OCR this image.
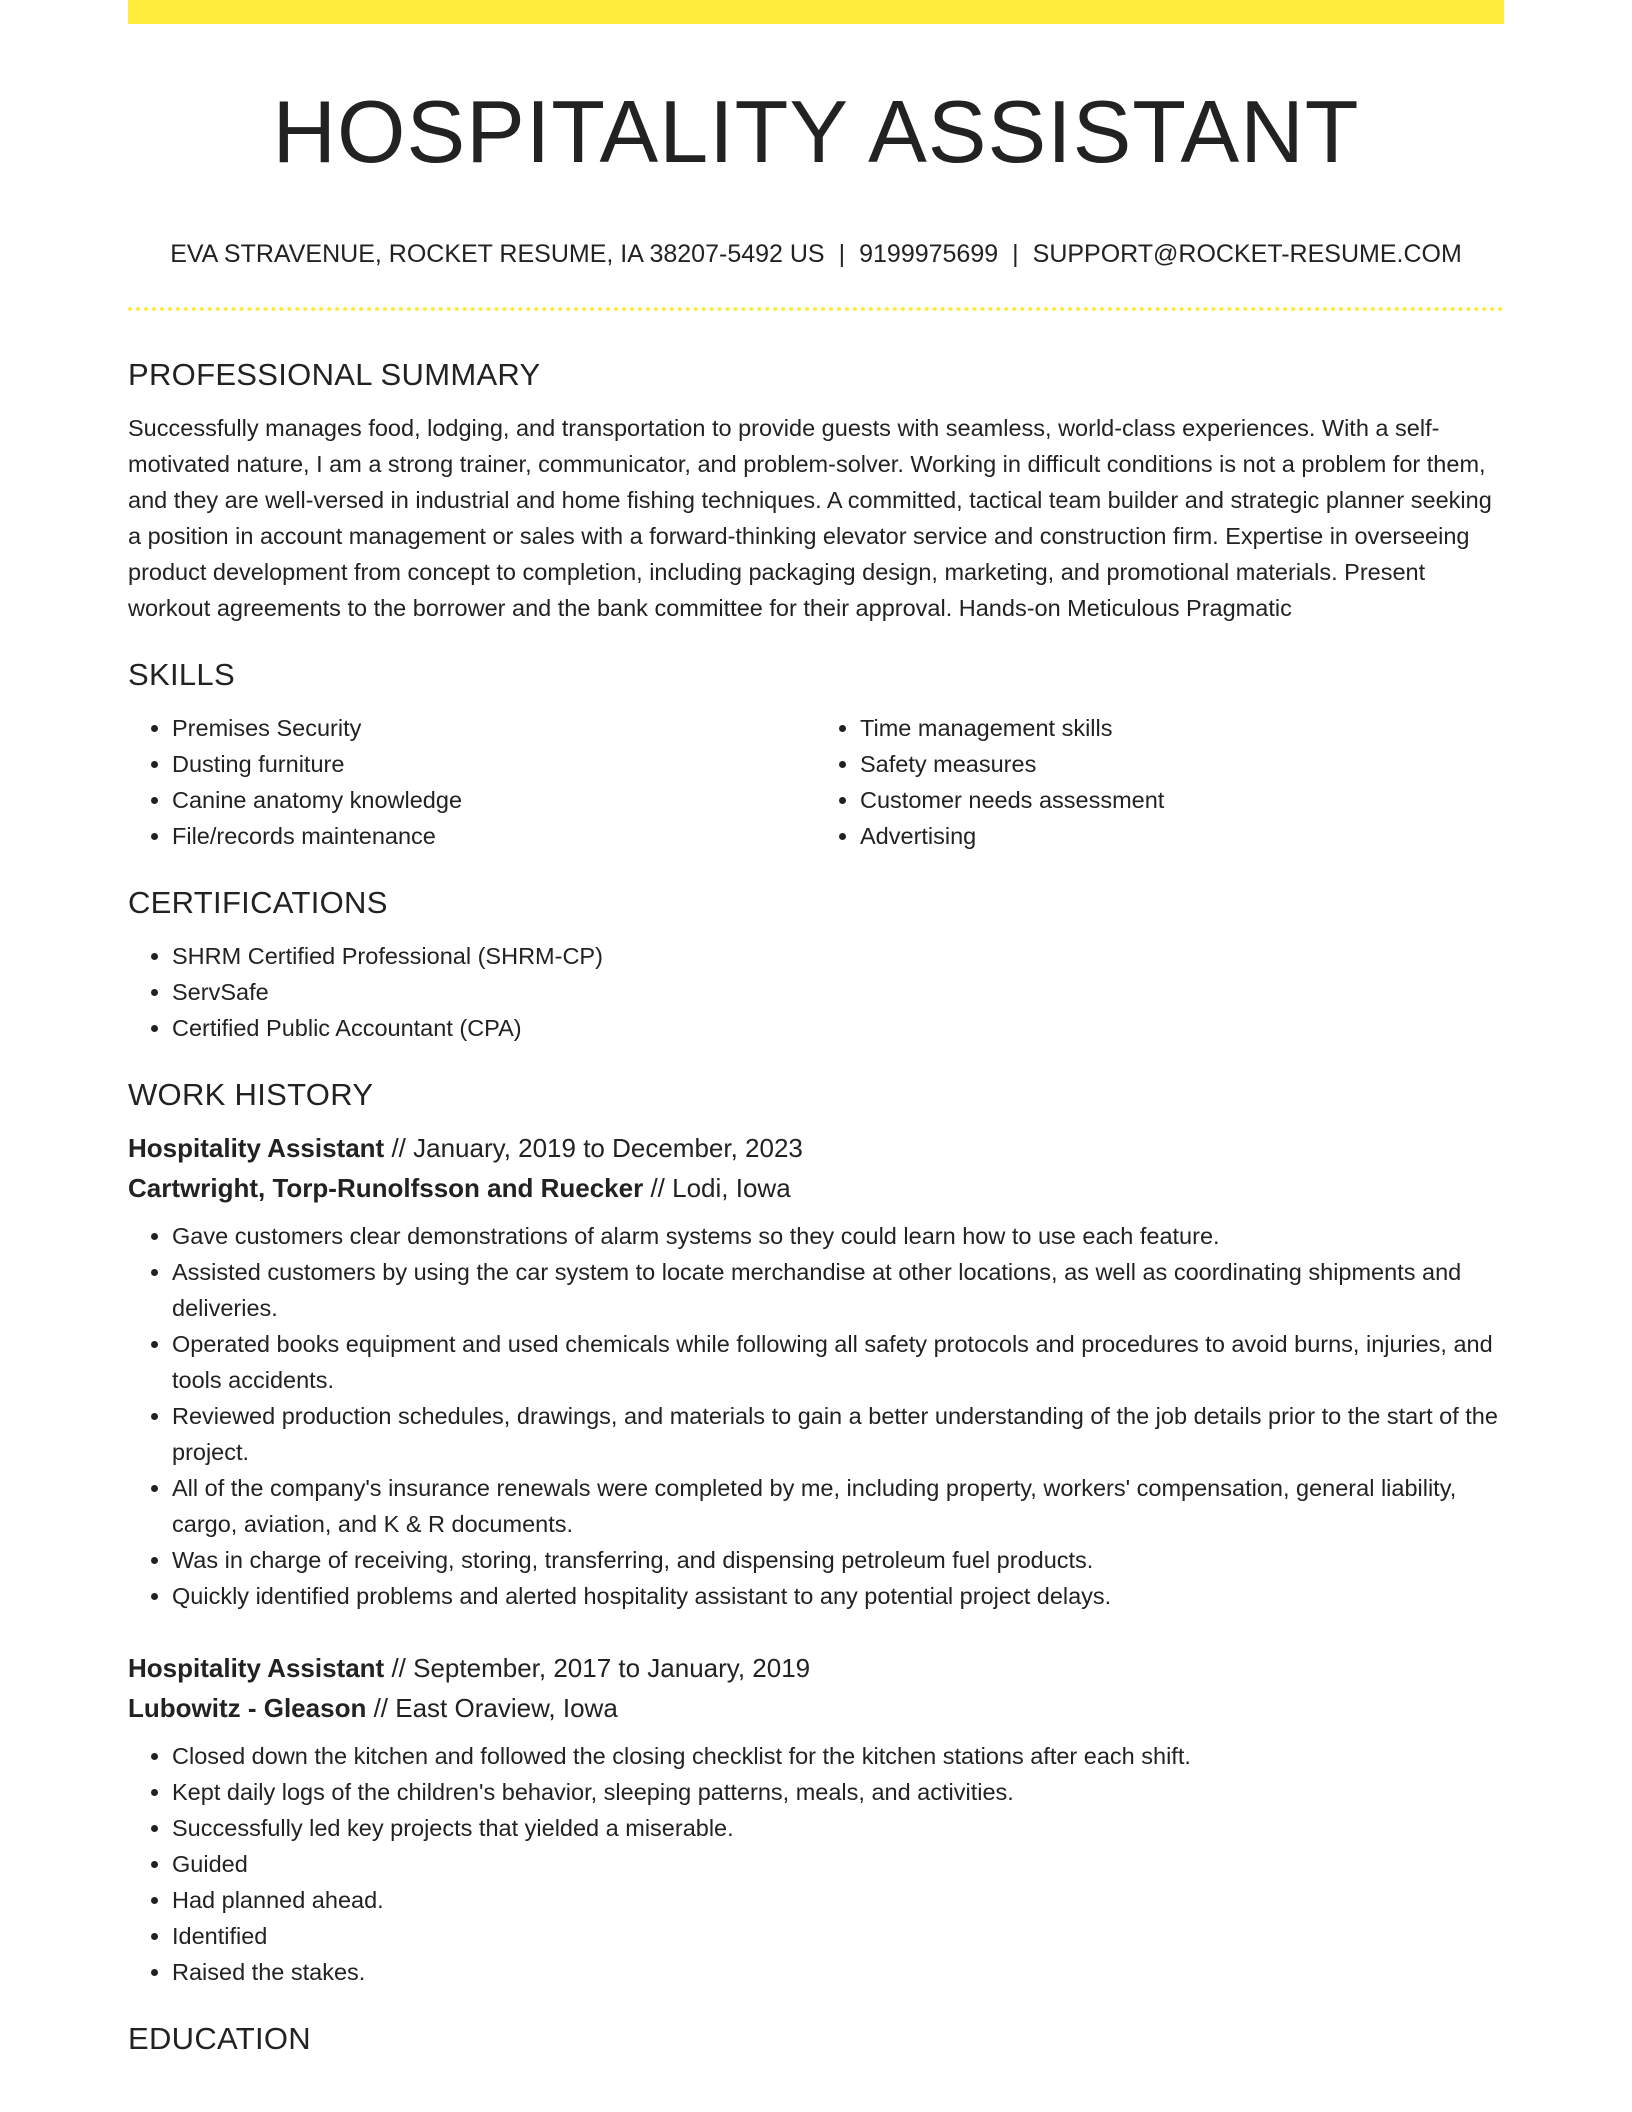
HOSPITALITY ASSISTANT
EVA STRAVENUE, ROCKET RESUME, IA 38207-5492 US | 9199975699 | SUPPORT@ROCKET-RESUME.COM
PROFESSIONAL SUMMARY

Successfully manages food, lodging, and transportation to provide guests with seamless, world-class experiences. With a self-motivated nature, I am a strong trainer, communicator, and problem-solver. Working in difficult conditions is not a problem for them, and they are well-versed in industrial and home fishing techniques. A committed, tactical team builder and strategic planner seeking a position in account management or sales with a forward-thinking elevator service and construction firm. Expertise in overseeing product development from concept to completion, including packaging design, marketing, and promotional materials. Present workout agreements to the borrower and the bank committee for their approval. Hands-on Meticulous Pragmatic

SKILLS
• Premises Security
• Dusting furniture
• Canine anatomy knowledge
• File/records maintenance
• Time management skills
• Safety measures
• Customer needs assessment
• Advertising
CERTIFICATIONS
• SHRM Certified Professional (SHRM-CP)
• ServSafe
• Certified Public Accountant (CPA)
WORK HISTORY
Hospitality Assistant // January, 2019 to December, 2023
Cartwright, Torp-Runolfsson and Ruecker // Lodi, Iowa
• Gave customers clear demonstrations of alarm systems so they could learn how to use each feature.
• Assisted customers by using the car system to locate merchandise at other locations, as well as coordinating shipments and deliveries.
• Operated books equipment and used chemicals while following all safety protocols and procedures to avoid burns, injuries, and tools accidents.
• Reviewed production schedules, drawings, and materials to gain a better understanding of the job details prior to the start of the project.
• All of the company's insurance renewals were completed by me, including property, workers' compensation, general liability, cargo, aviation, and K & R documents.
• Was in charge of receiving, storing, transferring, and dispensing petroleum fuel products.
• Quickly identified problems and alerted hospitality assistant to any potential project delays.
Hospitality Assistant // September, 2017 to January, 2019
Lubowitz - Gleason // East Oraview, Iowa
• Closed down the kitchen and followed the closing checklist for the kitchen stations after each shift.
• Kept daily logs of the children's behavior, sleeping patterns, meals, and activities.
• Successfully led key projects that yielded a miserable.
• Guided
• Had planned ahead.
• Identified
• Raised the stakes.
EDUCATION
